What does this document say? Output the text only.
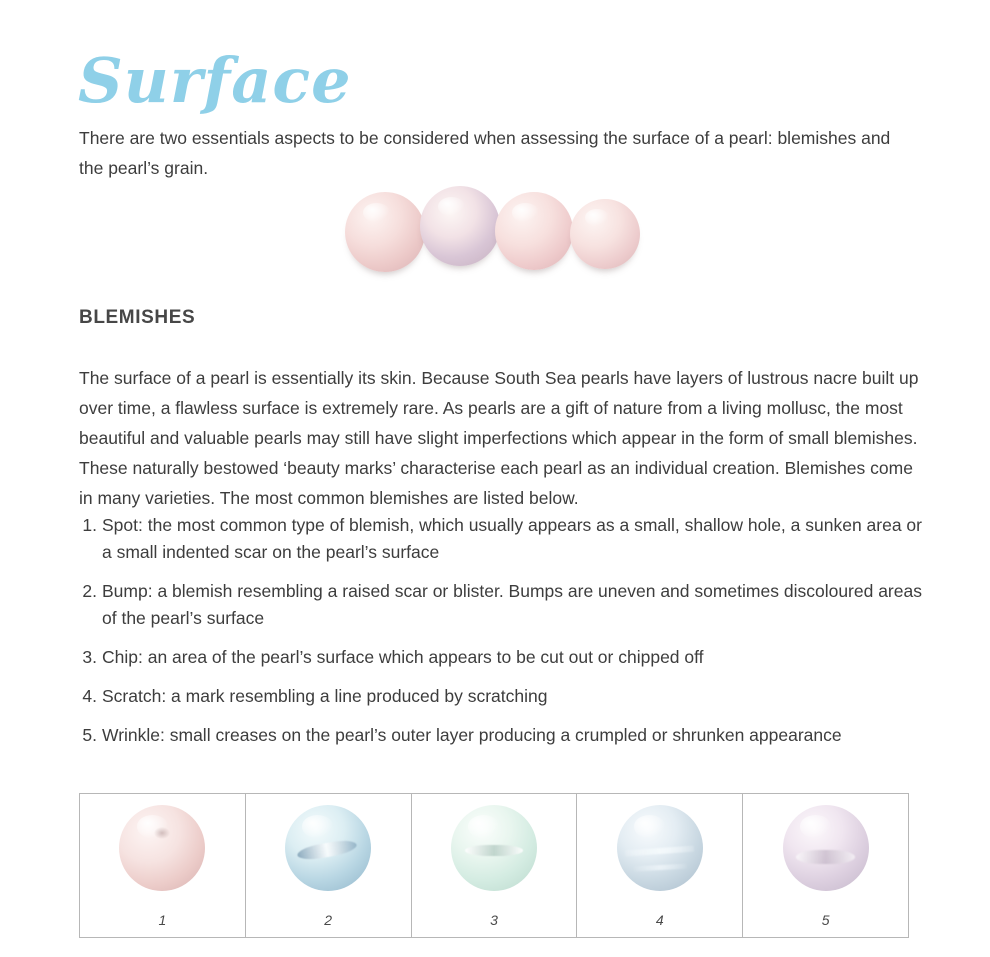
Surface

There are two essentials aspects to be considered when assessing the surface of a pearl: blemishes and the pearl’s grain.

BLEMISHES

The surface of a pearl is essentially its skin. Because South Sea pearls have layers of lustrous nacre built up over time, a flawless surface is extremely rare. As pearls are a gift of nature from a living mollusc, the most beautiful and valuable pearls may still have slight imperfections which appear in the form of small blemishes. These naturally bestowed ‘beauty marks’ characterise each pearl as an individual creation. Blemishes come in many varieties. The most common blemishes are listed below.

1. Spot: the most common type of blemish, which usually appears as a small, shallow hole, a sunken area or a small indented scar on the pearl’s surface
2. Bump: a blemish resembling a raised scar or blister. Bumps are uneven and sometimes discoloured areas of the pearl’s surface
3. Chip: an area of the pearl’s surface which appears to be cut out or chipped off
4. Scratch: a mark resembling a line produced by scratching
5. Wrinkle: small creases on the pearl’s outer layer producing a crumpled or shrunken appearance
1	2	3	4	5
